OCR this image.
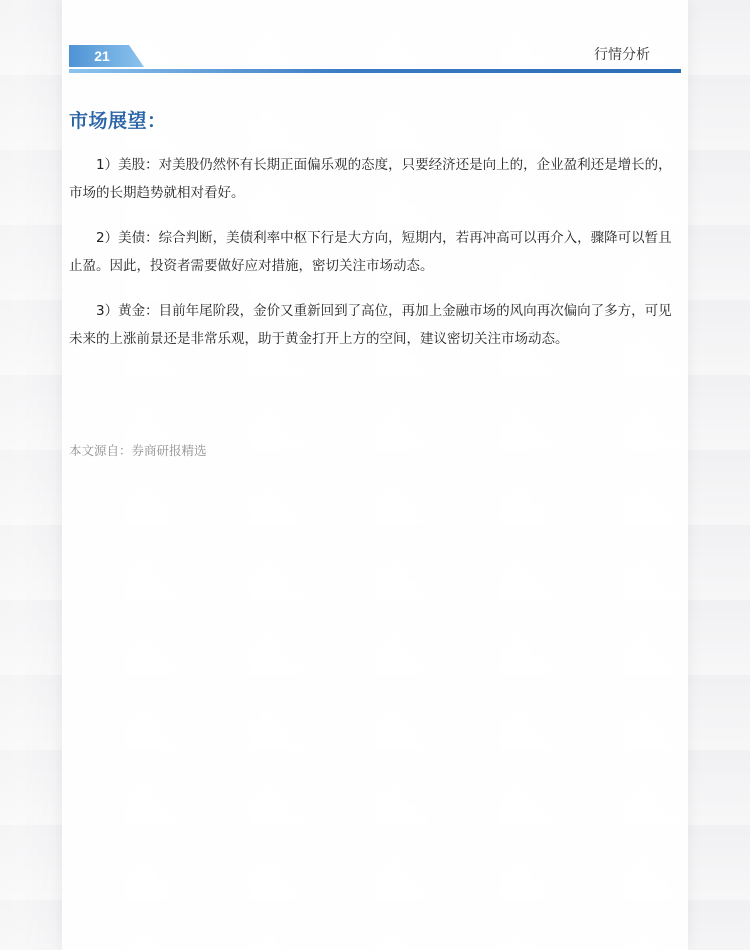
21	行情分析
市场展望：

1）美股：对美股仍然怀有长期正面偏乐观的态度，只要经济还是向上的，企业盈利还是增长的，市场的长期趋势就相对看好。

2）美债：综合判断，美债利率中枢下行是大方向，短期内，若再冲高可以再介入，骤降可以暂且止盈。因此，投资者需要做好应对措施，密切关注市场动态。

3）黄金：目前年尾阶段，金价又重新回到了高位，再加上金融市场的风向再次偏向了多方，可见未来的上涨前景还是非常乐观，助于黄金打开上方的空间，建议密切关注市场动态。

本文源自：券商研报精选
